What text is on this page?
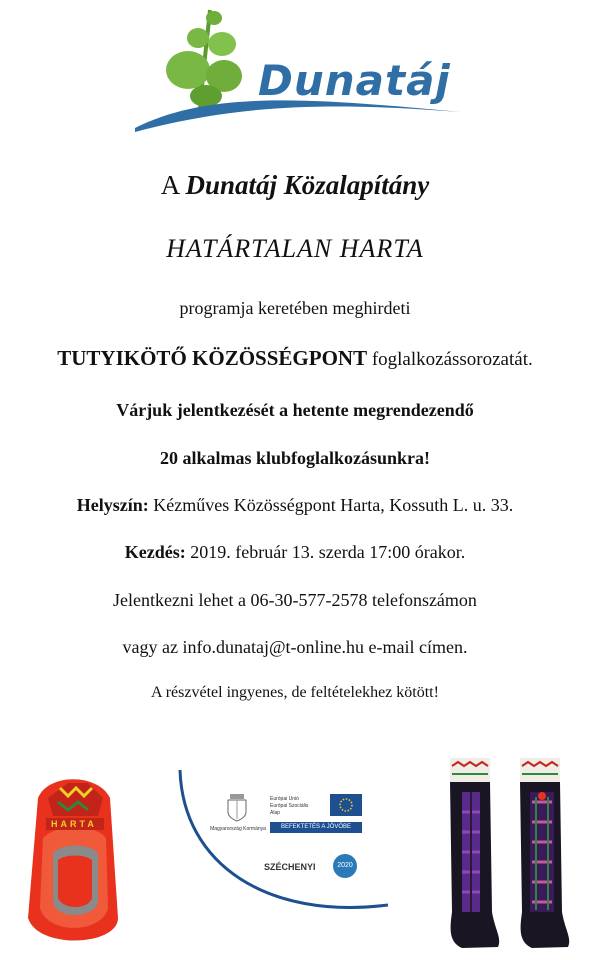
Dunatáj
A Dunatáj Közalapítány
HATÁRTALAN HARTA
programja keretében meghirdeti
TUTYIKÖTŐ KÖZÖSSÉGPONT foglalkozássorozatát.
Várjuk jelentkezését a hetente megrendezendő
20 alkalmas klubfoglalkozásunkra!
Helyszín: Kézműves Közösségpont Harta, Kossuth L. u. 33.
Kezdés: 2019. február 13. szerda 17:00 órakor.
Jelentkezni lehet a 06-30-577-2578 telefonszámon
vagy az info.dunataj@t-online.hu e-mail címen.
A részvétel ingyenes, de feltételekhez kötött!
HARTA	Magyarország Kormánya
Európai Unió Európai Szociális Alap
BEFEKTETÉS A JÖVŐBE
SZÉCHENYI	2020
